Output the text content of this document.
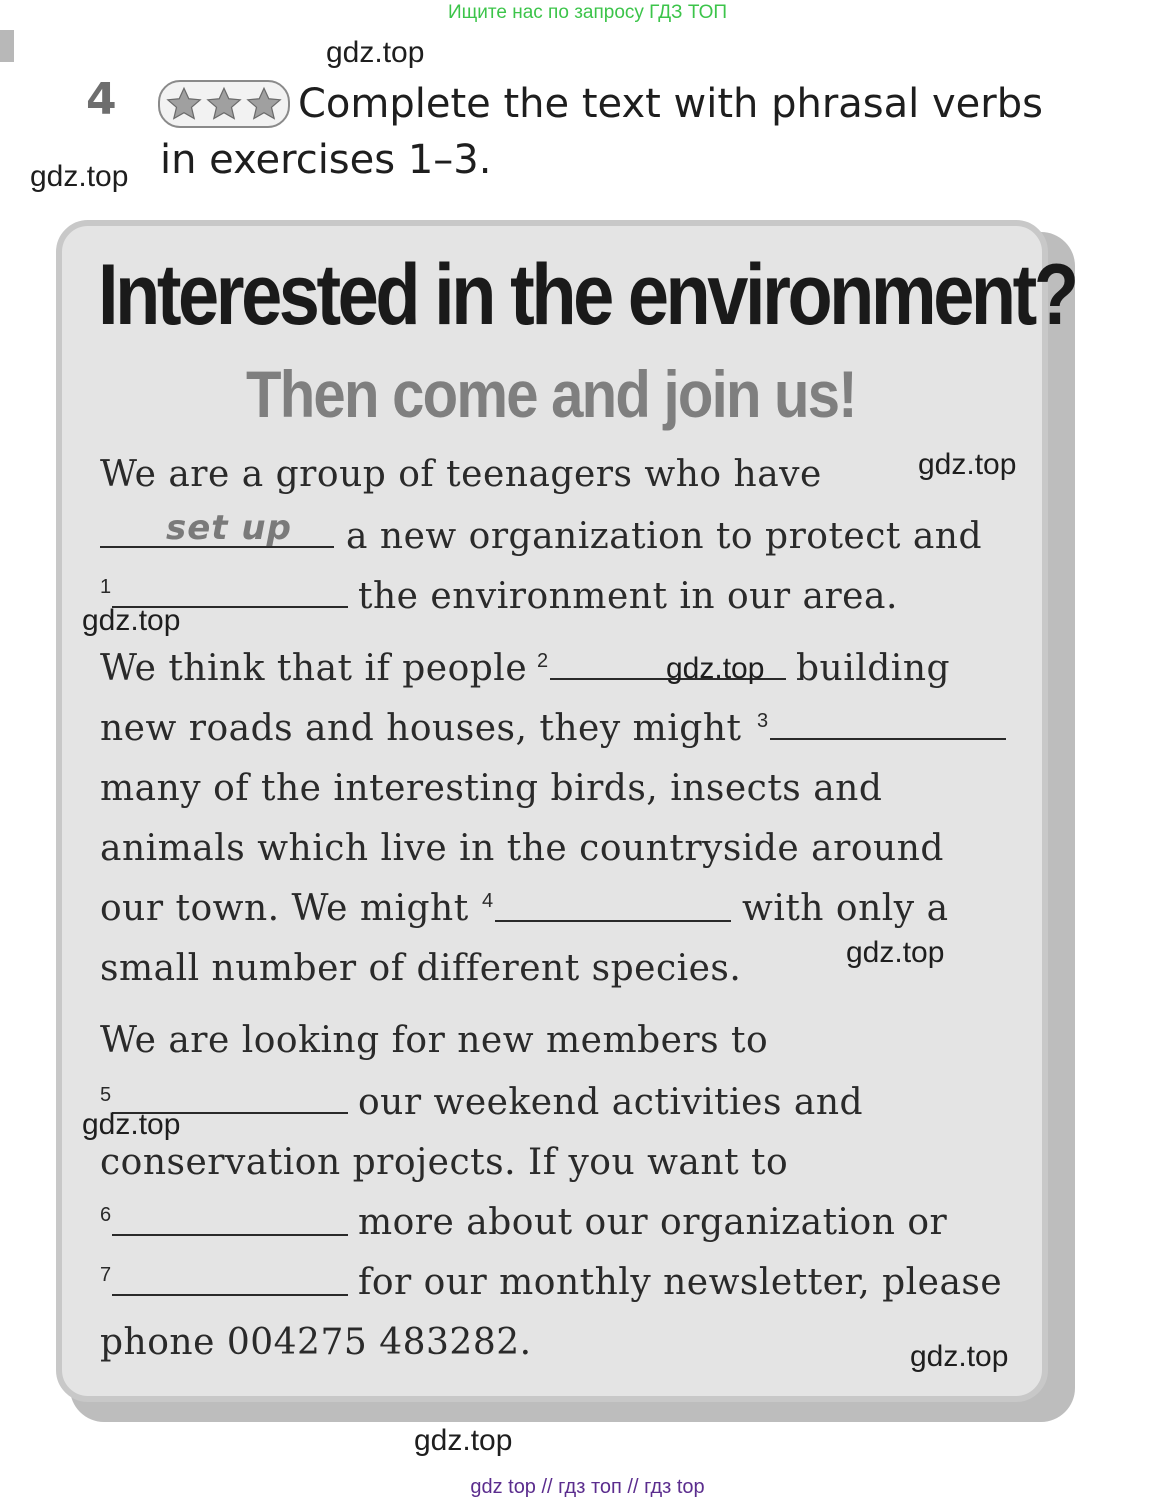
Ищите нас по запросу ГДЗ ТОП
gdz.top
gdz.top
4	Complete the text with phrasal verbs in exercises 1–3.
Interested in the environment?
Then come and join us!
We are a group of teenagers who have	gdz.top
set up a new organization to protect and
1	the environment in our area.
gdz.top
We think that if people 2	gdz.top building
new roads and houses, they might 3
many of the interesting birds, insects and
animals which live in the countryside around
our town. We might 4	with only a
small number of different species.	gdz.top
We are looking for new members to
5	our weekend activities and
gdz.top
conservation projects. If you want to
6	more about our organization or
7	for our monthly newsletter, please
phone 004275 483282.	gdz.top
gdz.top
gdz top // гдз топ // гдз top
